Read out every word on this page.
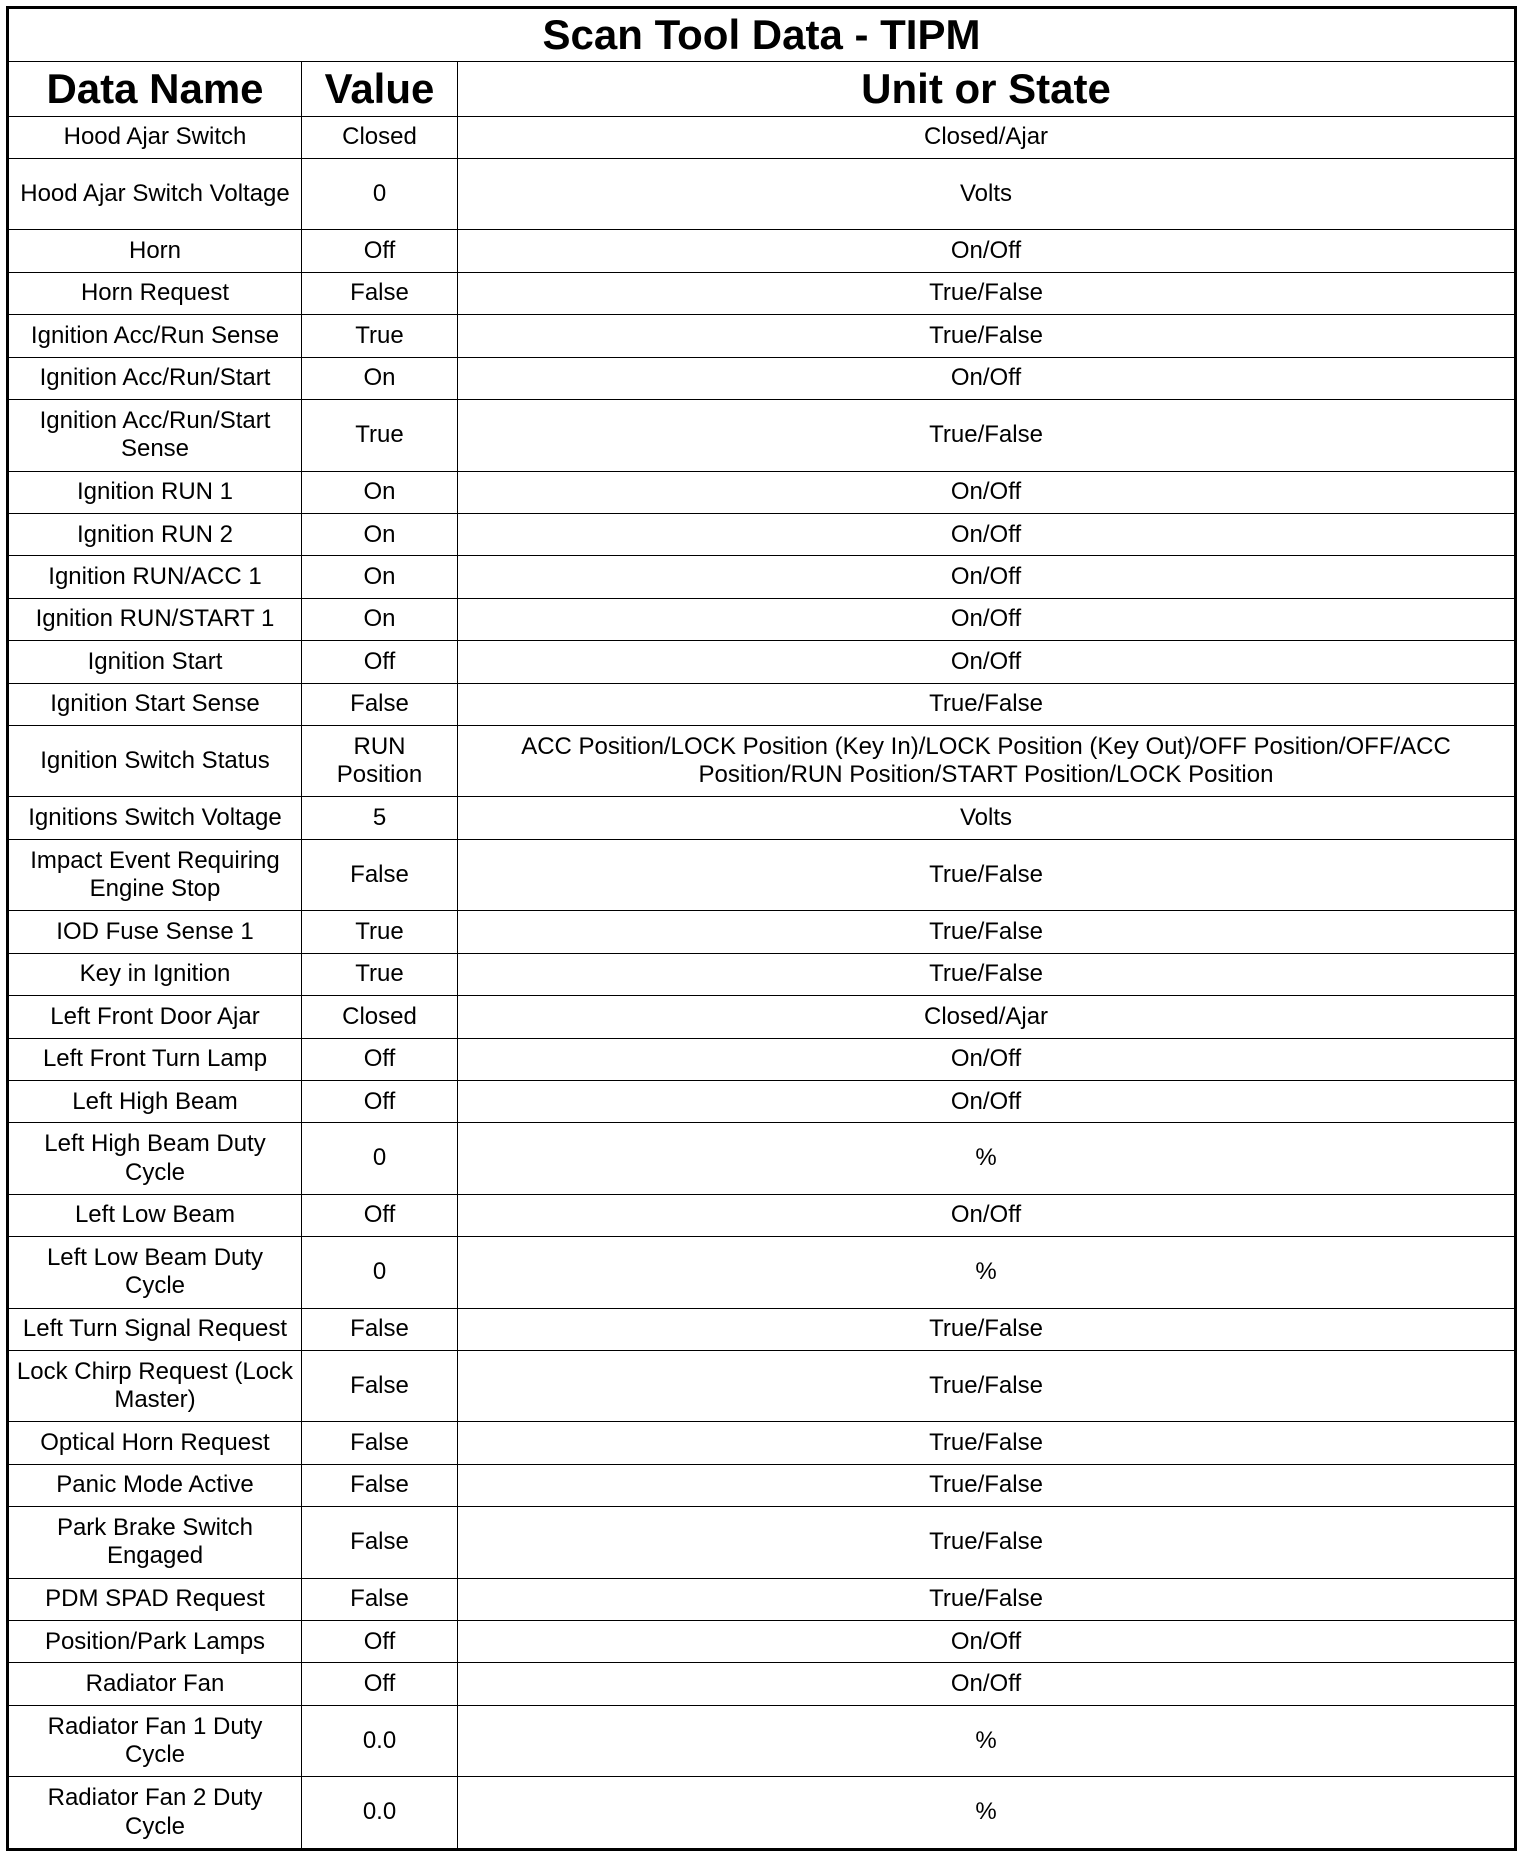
Scan Tool Data - TIPM		
Data Name	Value	Unit or State
Hood Ajar Switch	Closed	Closed/Ajar
Hood Ajar Switch Voltage	0	Volts
Horn	Off	On/Off
Horn Request	False	True/False
Ignition Acc/Run Sense	True	True/False
Ignition Acc/Run/Start	On	On/Off
Ignition Acc/Run/Start Sense	True	True/False
Ignition RUN 1	On	On/Off
Ignition RUN 2	On	On/Off
Ignition RUN/ACC 1	On	On/Off
Ignition RUN/START 1	On	On/Off
Ignition Start	Off	On/Off
Ignition Start Sense	False	True/False
Ignition Switch Status	RUN Position	ACC Position/LOCK Position (Key In)/LOCK Position (Key Out)/OFF Position/OFF/ACC Position/RUN Position/START Position/LOCK Position
Ignitions Switch Voltage	5	Volts
Impact Event Requiring Engine Stop	False	True/False
IOD Fuse Sense 1	True	True/False
Key in Ignition	True	True/False
Left Front Door Ajar	Closed	Closed/Ajar
Left Front Turn Lamp	Off	On/Off
Left High Beam	Off	On/Off
Left High Beam Duty Cycle	0	%
Left Low Beam	Off	On/Off
Left Low Beam Duty Cycle	0	%
Left Turn Signal Request	False	True/False
Lock Chirp Request (Lock Master)	False	True/False
Optical Horn Request	False	True/False
Panic Mode Active	False	True/False
Park Brake Switch Engaged	False	True/False
PDM SPAD Request	False	True/False
Position/Park Lamps	Off	On/Off
Radiator Fan	Off	On/Off
Radiator Fan 1 Duty Cycle	0.0	%
Radiator Fan 2 Duty Cycle	0.0	%
